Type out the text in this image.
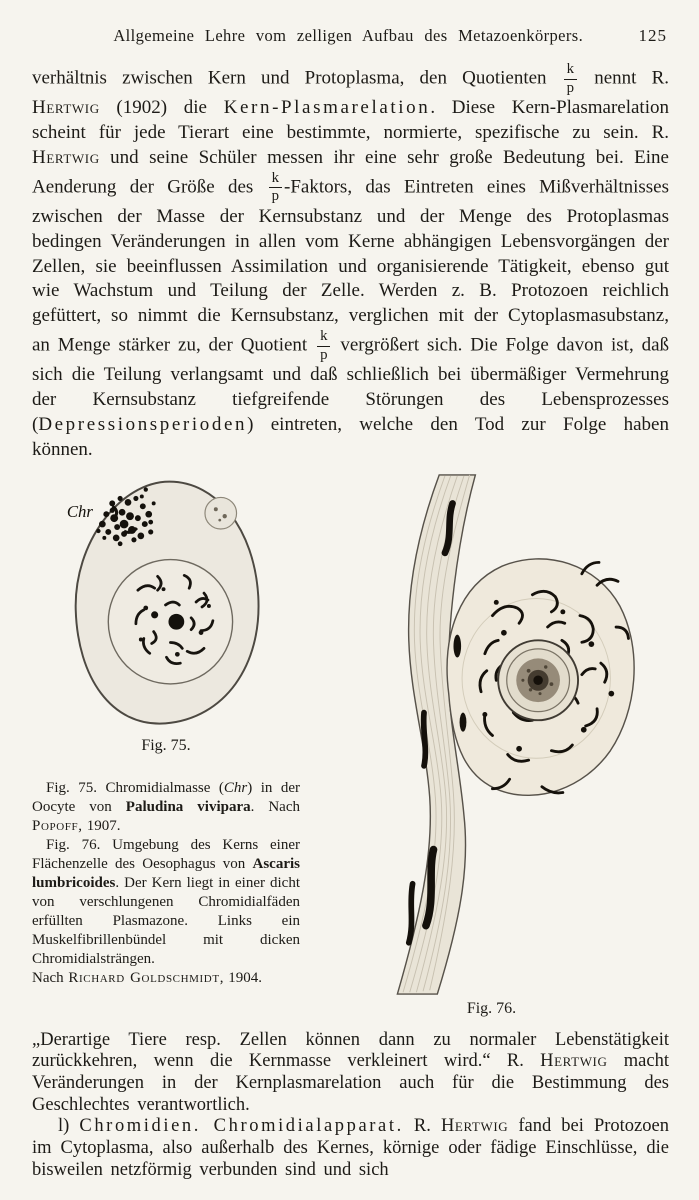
Allgemeine Lehre vom zelligen Aufbau des Metazoenkörpers.	125

verhältnis zwischen Kern und Protoplasma, den Quotienten $\frac{k}{p}$ nennt R. Hertwig (1902) die Kern-Plasmarelation. Diese Kern-Plasmarelation scheint für jede Tierart eine bestimmte, normierte, spezifische zu sein. R. Hertwig und seine Schüler messen ihr eine sehr große Bedeutung bei. Eine Aenderung der Größe des $\frac{k}{p}$ -Faktors, das Eintreten eines Mißverhältnisses zwischen der Masse der Kernsubstanz und der Menge des Protoplasmas bedingen Veränderungen in allen vom Kerne abhängigen Lebensvorgängen der Zellen, sie beeinflussen Assimilation und organisierende Tätigkeit, ebenso gut wie Wachstum und Teilung der Zelle. Werden z. B. Protozoen reichlich gefüttert, so nimmt die Kernsubstanz, verglichen mit der Cytoplasmasubstanz, an Menge stärker zu, der Quotient $\frac{k}{p}$ vergrößert sich. Die Folge davon ist, daß sich die Teilung verlangsamt und daß schließlich bei übermäßiger Vermehrung der Kernsubstanz tiefgreifende Störungen des Lebensprozesses (Depressionsperioden) eintreten, welche den Tod zur Folge haben können.

Chr
Fig. 75.

Fig. 75. Chromidialmasse (Chr) in der Oocyte von Paludina vivipara. Nach Popoff, 1907.

Fig. 76. Umgebung des Kerns einer Flächenzelle des Oesophagus von Ascaris lumbricoides. Der Kern liegt in einer dicht von verschlungenen Chromidialfäden erfüllten Plasmazone. Links ein Muskelfibrillenbündel mit dicken Chromidialsträngen.

Nach Richard Goldschmidt, 1904.

Fig. 76.

„Derartige Tiere resp. Zellen können dann zu normaler Lebenstätigkeit zurückkehren, wenn die Kernmasse verkleinert wird.“ R. Hertwig macht Veränderungen in der Kernplasmarelation auch für die Bestimmung des Geschlechtes verantwortlich.

l) Chromidien. Chromidialapparat. R. Hertwig fand bei Protozoen im Cytoplasma, also außerhalb des Kernes, körnige oder fädige Einschlüsse, die bisweilen netzförmig verbunden sind und sich
